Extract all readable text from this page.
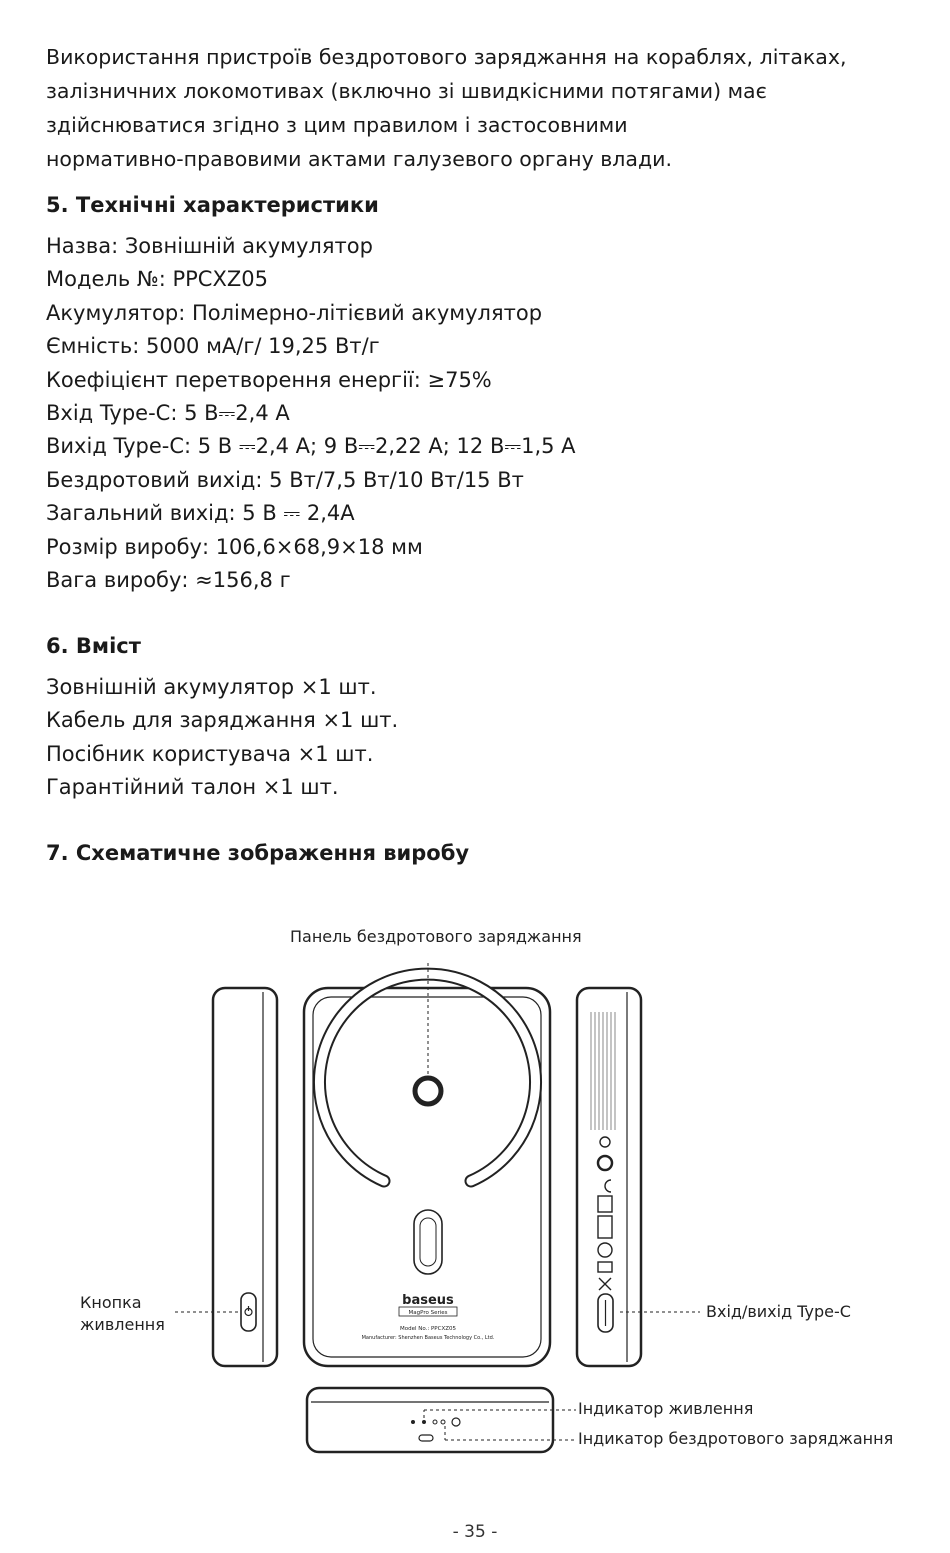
Використання пристроїв бездротового заряджання на кораблях, літаках,
залізничних локомотивах (включно зі швидкісними потягами) має
здійснюватися згідно з цим правилом і застосовними
нормативно-правовими актами галузевого органу влади.
5. Технічні характеристики
Назва: Зовнішній акумулятор
Модель №: PPCXZ05
Акумулятор: Полімерно-літієвий акумулятор
Ємність: 5000 мА/г/ 19,25 Вт/г
Коефіцієнт перетворення енергії: ≥75%
Вхід Type-C: 5 В⎓2,4 А
Вихід Type-C: 5 В ⎓2,4 А; 9 В⎓2,22 А; 12 В⎓1,5 А
Бездротовий вихід: 5 Вт/7,5 Вт/10 Вт/15 Вт
Загальний вихід: 5 В ⎓ 2,4А
Розмір виробу: 106,6×68,9×18 мм
Вага виробу: ≈156,8 г
6. Вміст
Зовнішній акумулятор ×1 шт.
Кабель для заряджання ×1 шт.
Посібник користувача ×1 шт.
Гарантійний талон ×1 шт.
7. Схематичне зображення виробу
Панель бездротового заряджання
Кнопка
живлення
Вхід/вихід Type-C
Індикатор живлення
Індикатор бездротового заряджання
baseus
MagPro Series
Model No.: PPCXZ05
Manufacturer: Shenzhen Baseus Technology Co., Ltd.
- 35 -
